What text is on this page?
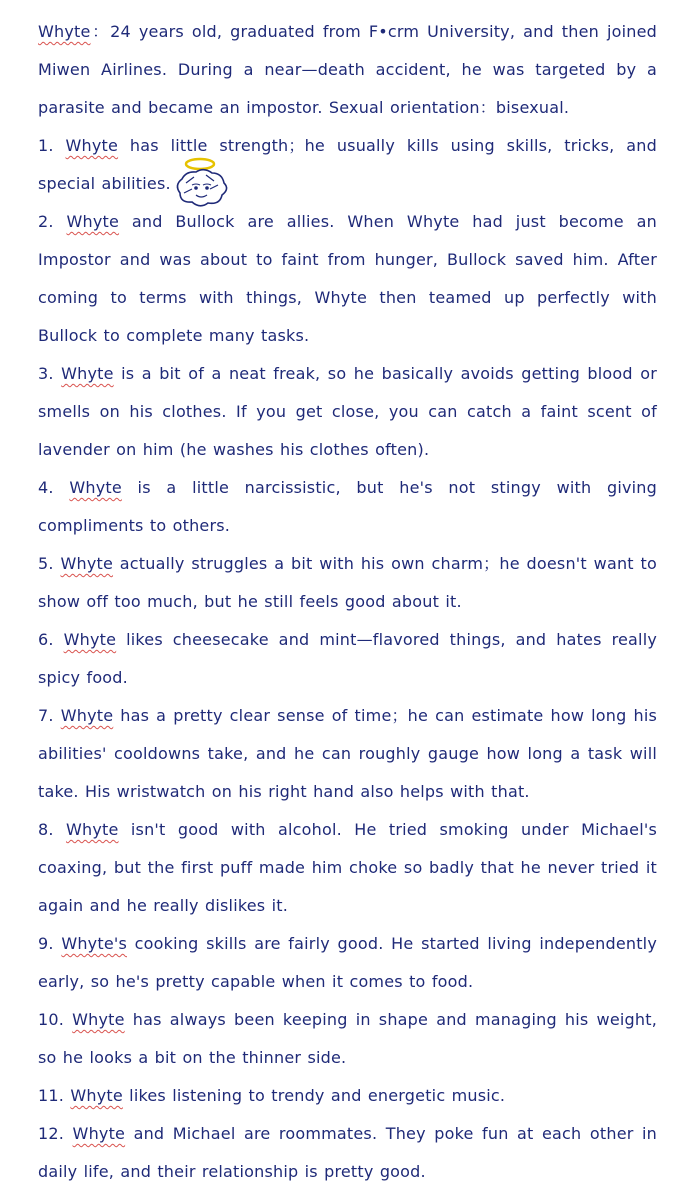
Whyte：24 years old, graduated from F•crm University, and then joined Miwen Airlines. During a near—death accident, he was targeted by a parasite and became an impostor. Sexual orientation：bisexual.

1. Whyte has little strength；he usually kills using skills, tricks, and special abilities.

2. Whyte and Bullock are allies. When Whyte had just become an Impostor and was about to faint from hunger, Bullock saved him. After coming to terms with things, Whyte then teamed up perfectly with Bullock to complete many tasks.

3. Whyte is a bit of a neat freak, so he basically avoids getting blood or smells on his clothes. If you get close, you can catch a faint scent of lavender on him (he washes his clothes often).

4. Whyte is a little narcissistic, but he's not stingy with giving compliments to others.

5. Whyte actually struggles a bit with his own charm；he doesn't want to show off too much, but he still feels good about it.

6. Whyte likes cheesecake and mint—flavored things, and hates really spicy food.

7. Whyte has a pretty clear sense of time；he can estimate how long his abilities' cooldowns take, and he can roughly gauge how long a task will take. His wristwatch on his right hand also helps with that.

8. Whyte isn't good with alcohol. He tried smoking under Michael's coaxing, but the first puff made him choke so badly that he never tried it again and he really dislikes it.

9. Whyte's cooking skills are fairly good. He started living independently early, so he's pretty capable when it comes to food.

10. Whyte has always been keeping in shape and managing his weight, so he looks a bit on the thinner side.

11. Whyte likes listening to trendy and energetic music.

12. Whyte and Michael are roommates. They poke fun at each other in daily life, and their relationship is pretty good.
